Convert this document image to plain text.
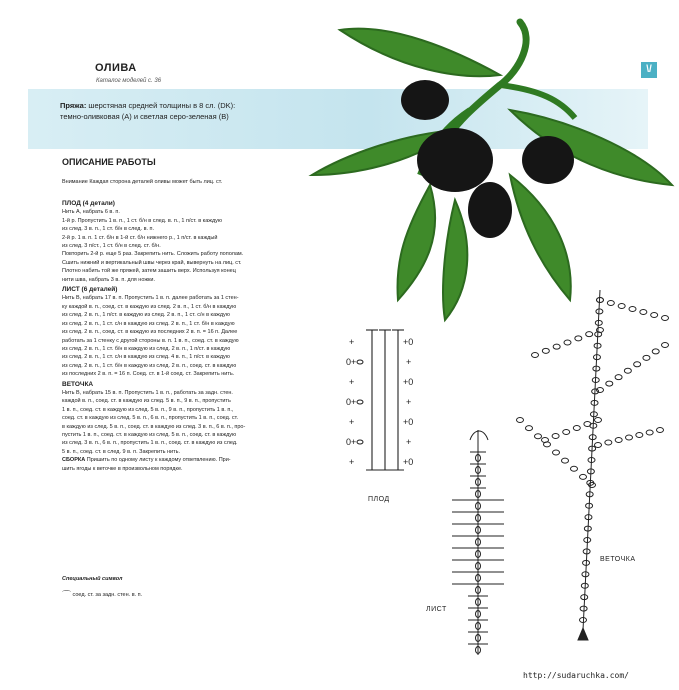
ОЛИВА
Каталог моделей с. 36
\/
Пряжа: шерстяная средней толщины в 8 сл. (DK):
темно-оливковая (А) и светлая серо-зеленая (В)
ОПИСАНИЕ РАБОТЫ
Внимание Каждая сторона деталей оливы может быть лиц. ст.

ПЛОД (4 детали)

Нить А, набрать 6 в. п.

1-й р. Пропустить 1 в. п., 1 ст. б/н в след. в. п., 1 п/ст. в каждую

из след. 3 в. п., 1 ст. б/н в след. в. п.

2-й р. 1 в. п. 1 ст. б/н в 1-й ст. б/н нижнего р., 1 п/ст. в каждый

из след. 3 п/ст., 1 ст. б/н в след. ст. б/н.

Повторить 2-й р. еще 5 раз. Закрепить нить. Сложить работу пополам.

Сшить нижний и вертикальный швы через край, вывернуть на лиц. ст.

Плотно набить той же пряжей, затем зашить верх. Используя конец

нити шва, набрать 3 в. п. для ножки.

ЛИСТ (6 деталей)

Нить В, набрать 17 в. п. Пропустить 1 в. п. далее работать за 1 стен-

ку каждой в. п., соед. ст. в каждую из след. 2 в. п., 1 ст. б/н в каждую

из след. 2 в. п., 1 п/ст. в каждую из след. 2 в. п., 1 ст. с/н в каждую

из след. 2 в. п., 1 ст. с/н в каждую из след. 2 в. п., 1 ст. б/н в каждую

из след. 2 в. п., соед. ст. в каждую из последних 2 в. п. = 16 п. Далее

работать за 1 стенку с другой стороны в. п. 1 в. п., соед. ст. в каждую

из след. 2 в. п., 1 ст. б/н в каждую из след. 2 в. п., 1 п/ст. в каждую

из след. 2 в. п., 1 ст. с/н в каждую из след. 4 в. п., 1 п/ст. в каждую

из след. 2 в. п., 1 ст. б/н в каждую из след. 2 в. п., соед. ст. в каждую

из последних 2 в. п. = 16 п. Соед. ст. в 1-й соед. ст. Закрепить нить.

ВЕТОЧКА

Нить В, набрать 15 в. п. Пропустить 1 в. п., работать за задн. стен.

каждой в. п., соед. ст. в каждую из след. 5 в. п., 9 в. п., пропустить

1 в. п., соед. ст. в каждую из след. 5 в. п., 9 в. п., пропустить 1 в. п.,

соед. ст. в каждую из след. 5 в. п., 6 в. п., пропустить 1 в. п., соед. ст.

в каждую из след. 5 в. п., соед. ст. в каждую из след. 3 в. п., 6 в. п., про-

пустить 1 в. п., соед. ст. в каждую из след. 5 в. п., соед. ст. в каждую

из след. 3 в. п., 6 в. п., пропустить 1 в. п., соед. ст. в каждую из след.

5 в. п., соед. ст. в след. 9 в. п. Закрепить нить.

СБОРКА Пришить по одному листу к каждому ответвлению. При-

шить ягоды к веточке в произвольном порядке.

Специальный символ
⌒ соед. ст. за задн. стен. в. п.
+	+0
0+	+
+	+0
0+	+
+	+0
0+	+
+	+0
ПЛОД
ЛИСТ
ВЕТОЧКА
http://sudaruchka.com/
